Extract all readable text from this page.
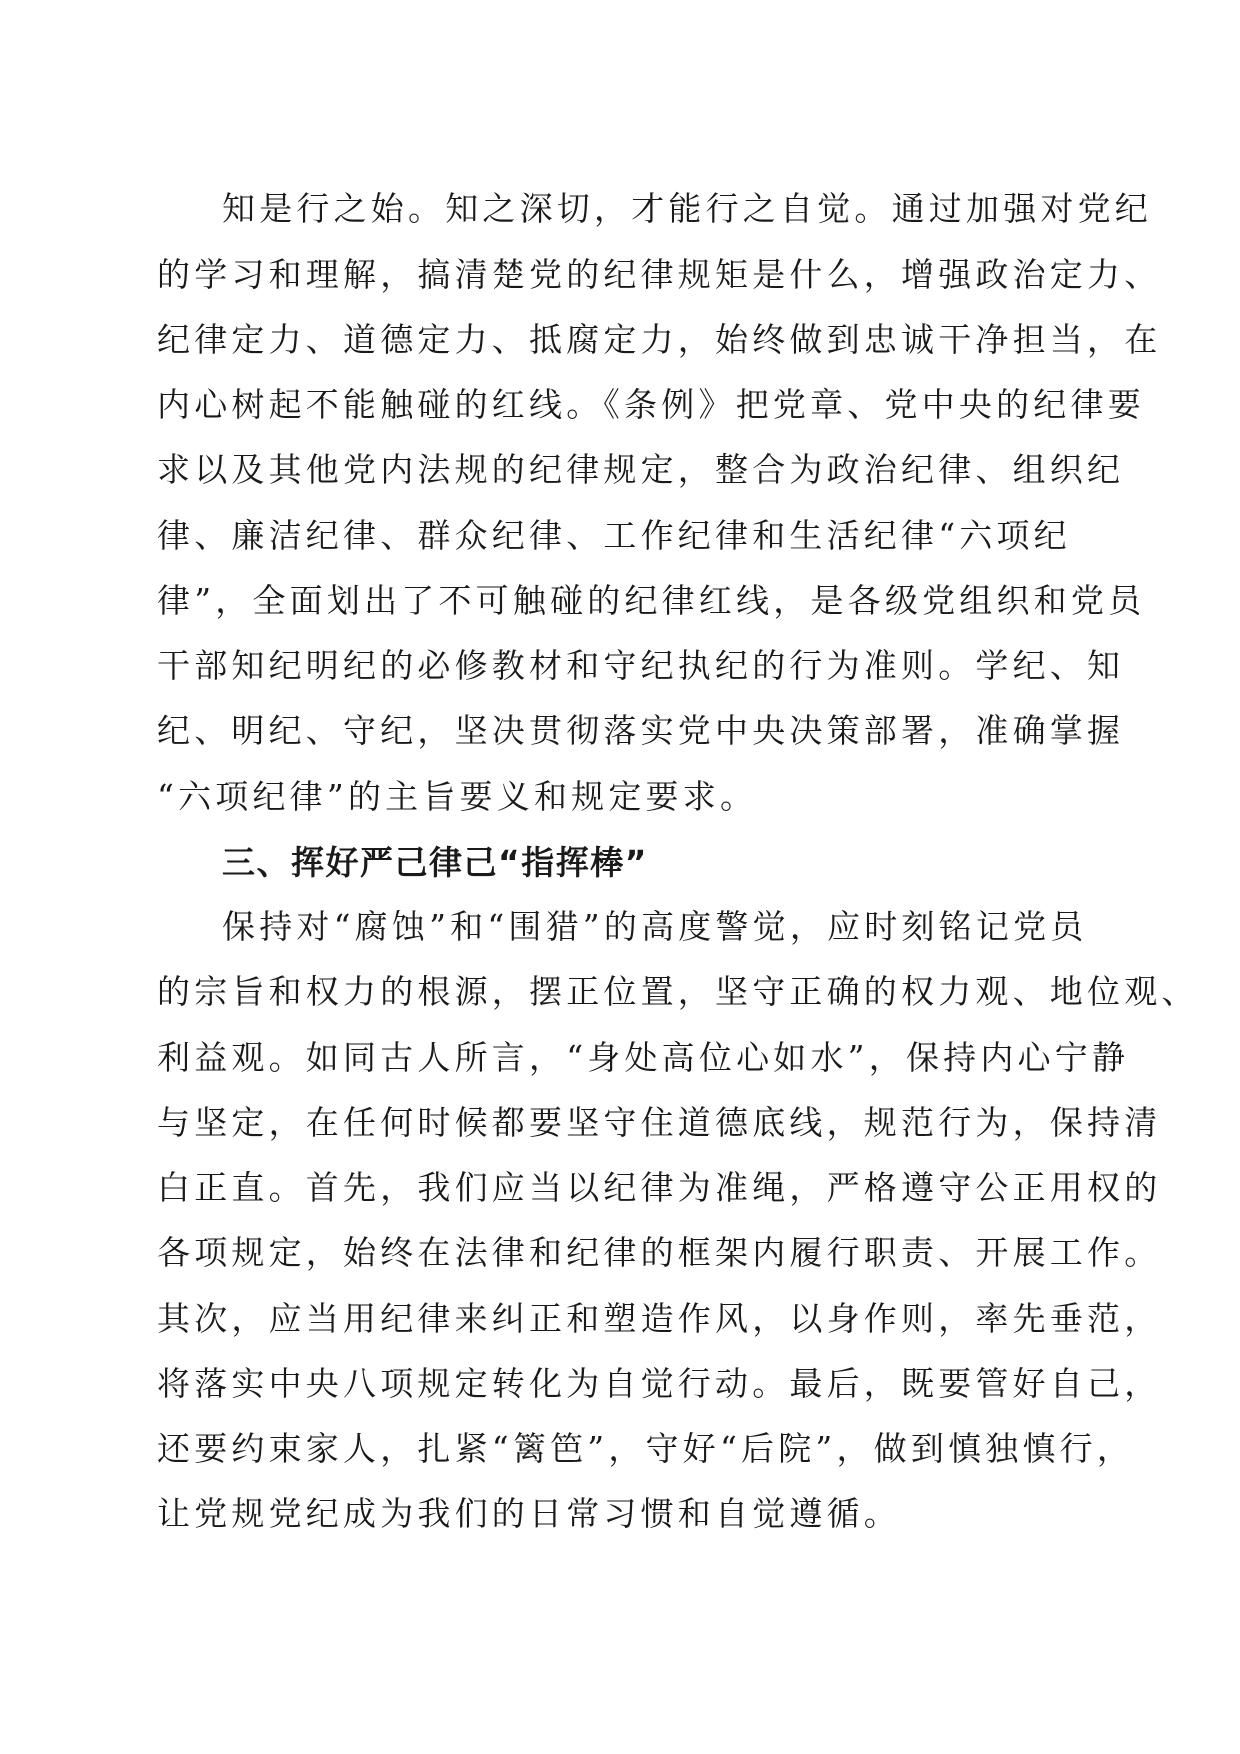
知是行之始。知之深切，才能行之自觉。通过加强对党纪
的学习和理解，搞清楚党的纪律规矩是什么，增强政治定力、
纪律定力、道德定力、抵腐定力，始终做到忠诚干净担当，在
内心树起不能触碰的红线。《条例》把党章、党中央的纪律要
求以及其他党内法规的纪律规定，整合为政治纪律、组织纪
律、廉洁纪律、群众纪律、工作纪律和生活纪律“六项纪
律”，全面划出了不可触碰的纪律红线，是各级党组织和党员
干部知纪明纪的必修教材和守纪执纪的行为准则。学纪、知
纪、明纪、守纪，坚决贯彻落实党中央决策部署，准确掌握
“六项纪律”的主旨要义和规定要求。
三、挥好严己律己“指挥棒”
保持对“腐蚀”和“围猎”的高度警觉，应时刻铭记党员
的宗旨和权力的根源，摆正位置，坚守正确的权力观、地位观、
利益观。如同古人所言，“身处高位心如水”，保持内心宁静
与坚定，在任何时候都要坚守住道德底线，规范行为，保持清
白正直。首先，我们应当以纪律为准绳，严格遵守公正用权的
各项规定，始终在法律和纪律的框架内履行职责、开展工作。
其次，应当用纪律来纠正和塑造作风，以身作则，率先垂范，
将落实中央八项规定转化为自觉行动。最后，既要管好自己，
还要约束家人，扎紧“篱笆”，守好“后院”，做到慎独慎行，
让党规党纪成为我们的日常习惯和自觉遵循。
